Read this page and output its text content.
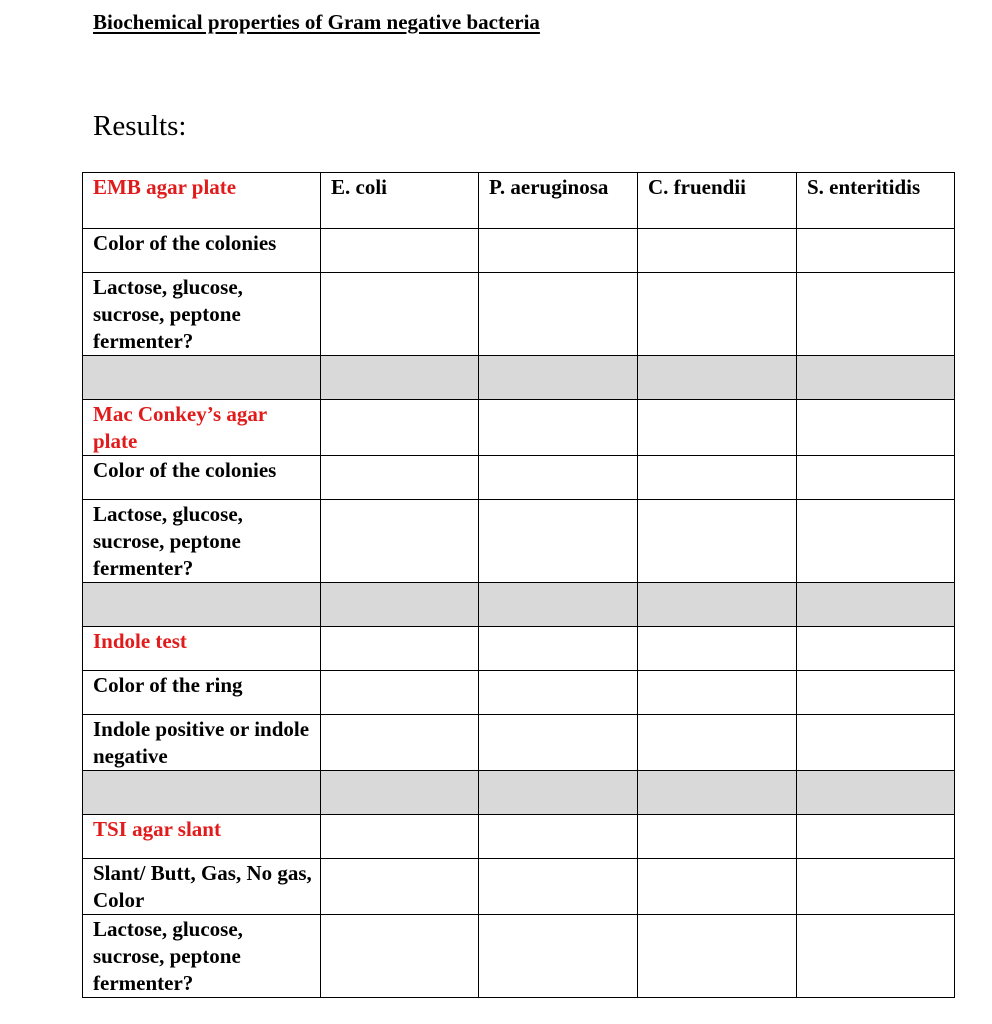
Biochemical properties of Gram negative bacteria
Results:
EMB agar plate	E. coli	P. aeruginosa	C. fruendii	S. enteritidis
Color of the colonies				
Lactose, glucose, sucrose, peptone fermenter?				

Mac Conkey’s agar plate				
Color of the colonies				
Lactose, glucose, sucrose, peptone fermenter?				

Indole test				
Color of the ring				
Indole positive or indole negative				

TSI agar slant				
Slant/ Butt, Gas, No gas, Color				
Lactose, glucose, sucrose, peptone fermenter?				
